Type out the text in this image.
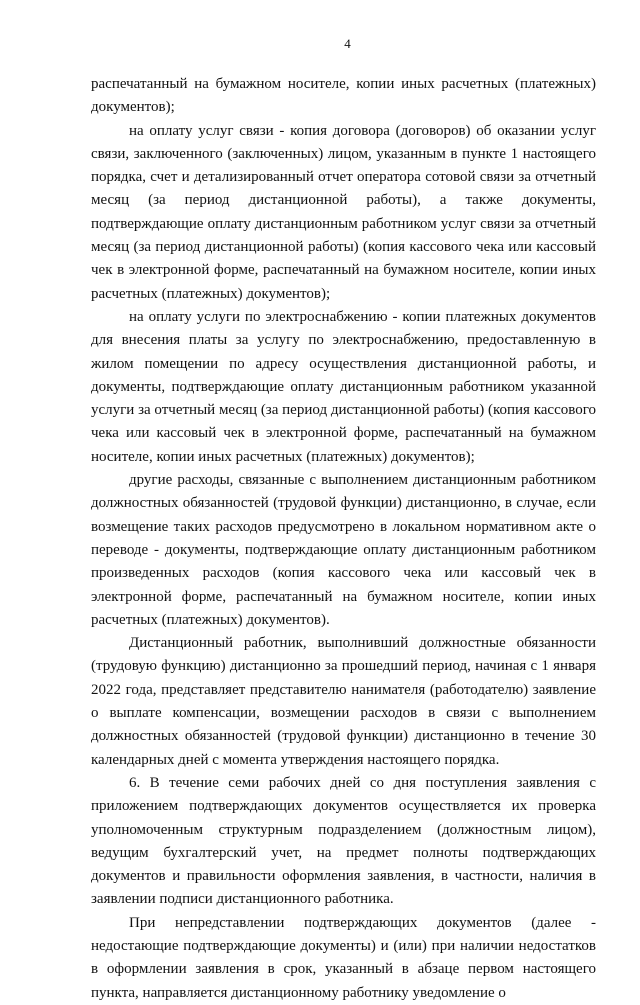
4

распечатанный на бумажном носителе, копии иных расчетных (платежных) документов);

на оплату услуг связи - копия договора (договоров) об оказании услуг связи, заключенного (заключенных) лицом, указанным в пункте 1 настоящего порядка, счет и детализированный отчет оператора сотовой связи за отчетный месяц (за период дистанционной работы), а также документы, подтверждающие оплату дистанционным работником услуг связи за отчетный месяц (за период дистанционной работы) (копия кассового чека или кассовый чек в электронной форме, распечатанный на бумажном носителе, копии иных расчетных (платежных) документов);

на оплату услуги по электроснабжению - копии платежных документов для внесения платы за услугу по электроснабжению, предоставленную в жилом помещении по адресу осуществления дистанционной работы, и документы, подтверждающие оплату дистанционным работником указанной услуги за отчетный месяц (за период дистанционной работы) (копия кассового чека или кассовый чек в электронной форме, распечатанный на бумажном носителе, копии иных расчетных (платежных) документов);

другие расходы, связанные с выполнением дистанционным работником должностных обязанностей (трудовой функции) дистанционно, в случае, если возмещение таких расходов предусмотрено в локальном нормативном акте о переводе - документы, подтверждающие оплату дистанционным работником произведенных расходов (копия кассового чека или кассовый чек в электронной форме, распечатанный на бумажном носителе, копии иных расчетных (платежных) документов).

Дистанционный работник, выполнивший должностные обязанности (трудовую функцию) дистанционно за прошедший период, начиная с 1 января 2022 года, представляет представителю нанимателя (работодателю) заявление о выплате компенсации, возмещении расходов в связи с выполнением должностных обязанностей (трудовой функции) дистанционно в течение 30 календарных дней с момента утверждения настоящего порядка.

6. В течение семи рабочих дней со дня поступления заявления с приложением подтверждающих документов осуществляется их проверка уполномоченным структурным подразделением (должностным лицом), ведущим бухгалтерский учет, на предмет полноты подтверждающих документов и правильности оформления заявления, в частности, наличия в заявлении подписи дистанционного работника.

При непредставлении подтверждающих документов (далее - недостающие подтверждающие документы) и (или) при наличии недостатков в оформлении заявления в срок, указанный в абзаце первом настоящего пункта, направляется дистанционному работнику уведомление о
